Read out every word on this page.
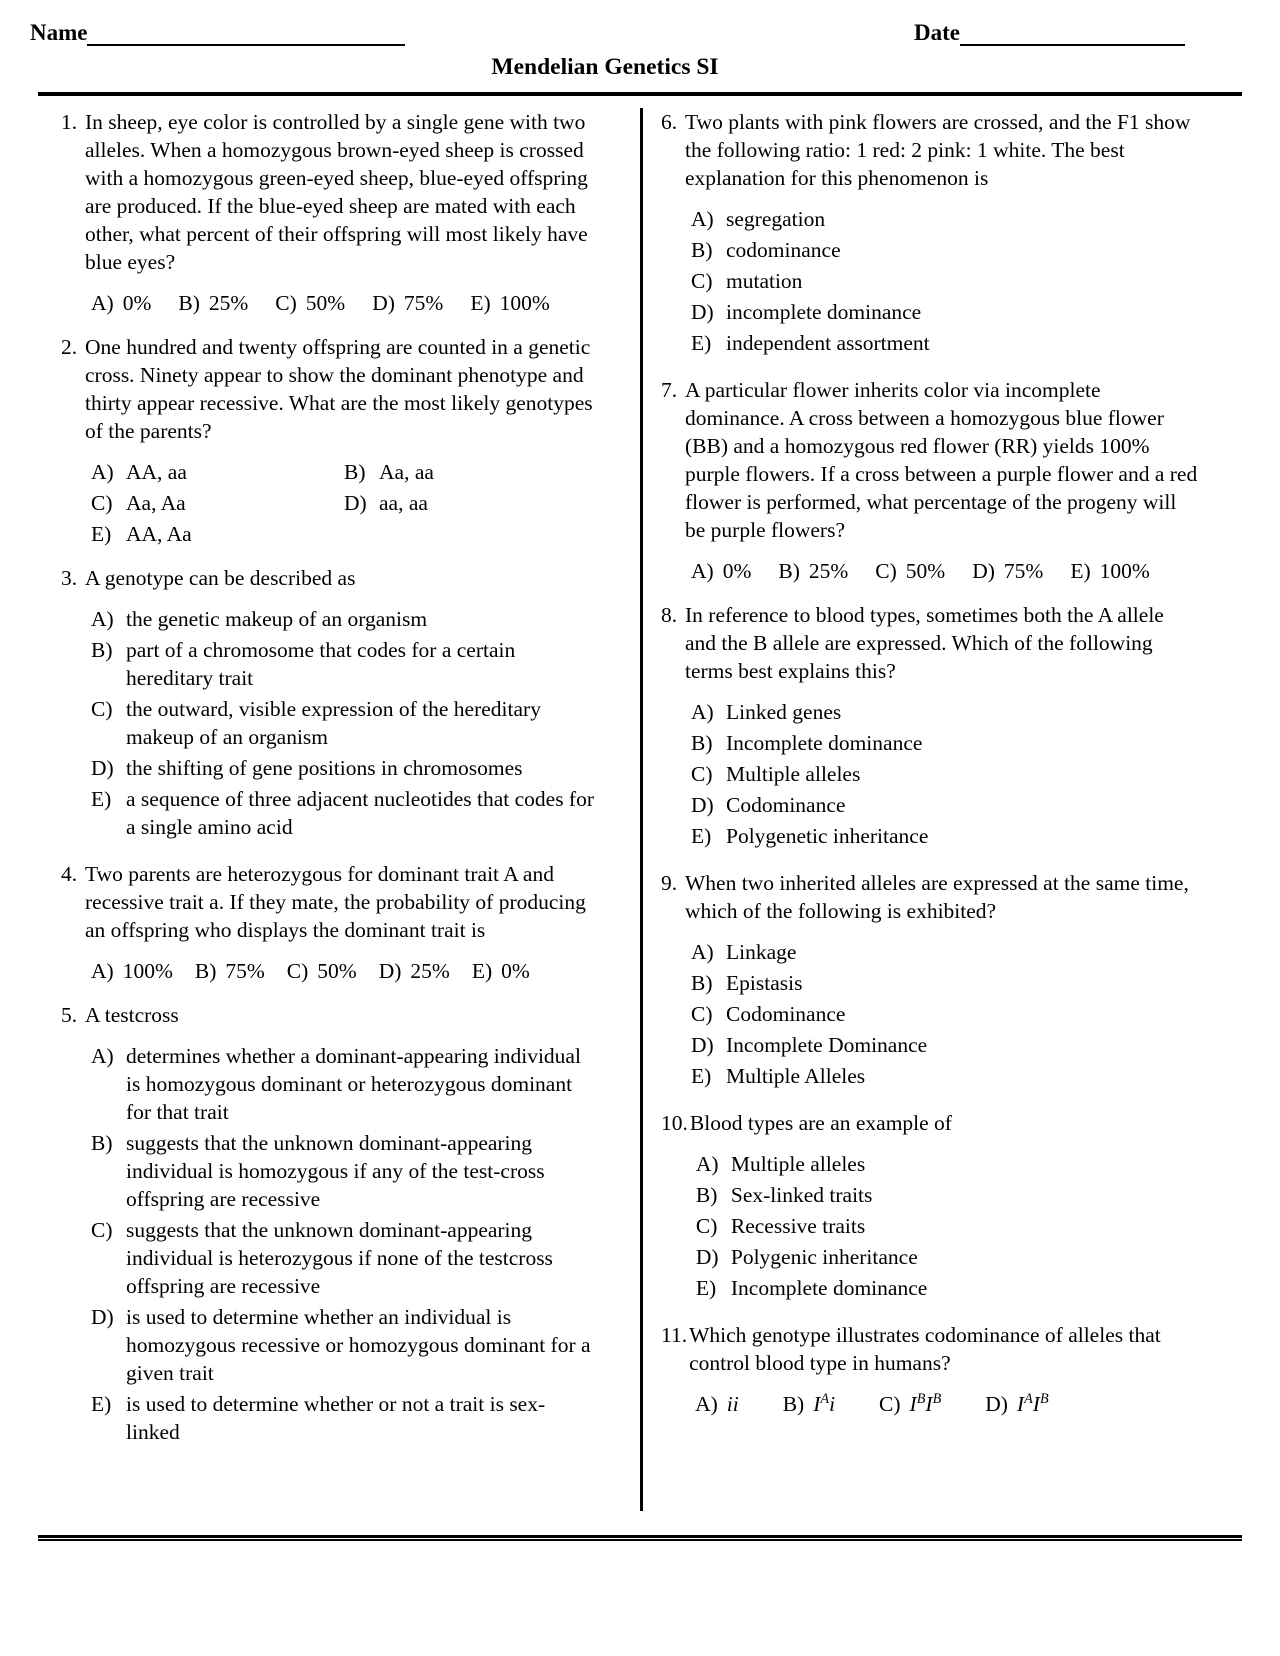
Name	Date
Mendelian Genetics SI
1. In sheep, eye color is controlled by a single gene with two alleles. When a homozygous brown-eyed sheep is crossed with a homozygous green-eyed sheep, blue-eyed offspring are produced. If the blue-eyed sheep are mated with each other, what percent of their offspring will most likely have blue eyes?
A) 0% B) 25% C) 50% D) 75% E) 100%
2. One hundred and twenty offspring are counted in a genetic cross. Ninety appear to show the dominant phenotype and thirty appear recessive. What are the most likely genotypes of the parents?
A) AA, aa	B) Aa, aa
C) Aa, Aa	D) aa, aa
E) AA, Aa
3. A genotype can be described as
A) the genetic makeup of an organism
B) part of a chromosome that codes for a certain hereditary trait
C) the outward, visible expression of the hereditary makeup of an organism
D) the shifting of gene positions in chromosomes
E) a sequence of three adjacent nucleotides that codes for a single amino acid
4. Two parents are heterozygous for dominant trait A and recessive trait a. If they mate, the probability of producing an offspring who displays the dominant trait is
A) 100% B) 75% C) 50% D) 25% E) 0%
5. A testcross
A) determines whether a dominant-appearing individual is homozygous dominant or heterozygous dominant for that trait
B) suggests that the unknown dominant-appearing individual is homozygous if any of the test-cross offspring are recessive
C) suggests that the unknown dominant-appearing individual is heterozygous if none of the testcross offspring are recessive
D) is used to determine whether an individual is homozygous recessive or homozygous dominant for a given trait
E) is used to determine whether or not a trait is sex-linked
6. Two plants with pink flowers are crossed, and the F1 show the following ratio: 1 red: 2 pink: 1 white. The best explanation for this phenomenon is
A) segregation
B) codominance
C) mutation
D) incomplete dominance
E) independent assortment
7. A particular flower inherits color via incomplete dominance. A cross between a homozygous blue flower (BB) and a homozygous red flower (RR) yields 100% purple flowers. If a cross between a purple flower and a red flower is performed, what percentage of the progeny will be purple flowers?
A) 0% B) 25% C) 50% D) 75% E) 100%
8. In reference to blood types, sometimes both the A allele and the B allele are expressed. Which of the following terms best explains this?
A) Linked genes
B) Incomplete dominance
C) Multiple alleles
D) Codominance
E) Polygenetic inheritance
9. When two inherited alleles are expressed at the same time, which of the following is exhibited?
A) Linkage
B) Epistasis
C) Codominance
D) Incomplete Dominance
E) Multiple Alleles
10. Blood types are an example of
A) Multiple alleles
B) Sex-linked traits
C) Recessive traits
D) Polygenic inheritance
E) Incomplete dominance
11. Which genotype illustrates codominance of alleles that control blood type in humans?
A) ii B) $I^Ai$ C) $I^BI^B$ D) $I^AI^B$
